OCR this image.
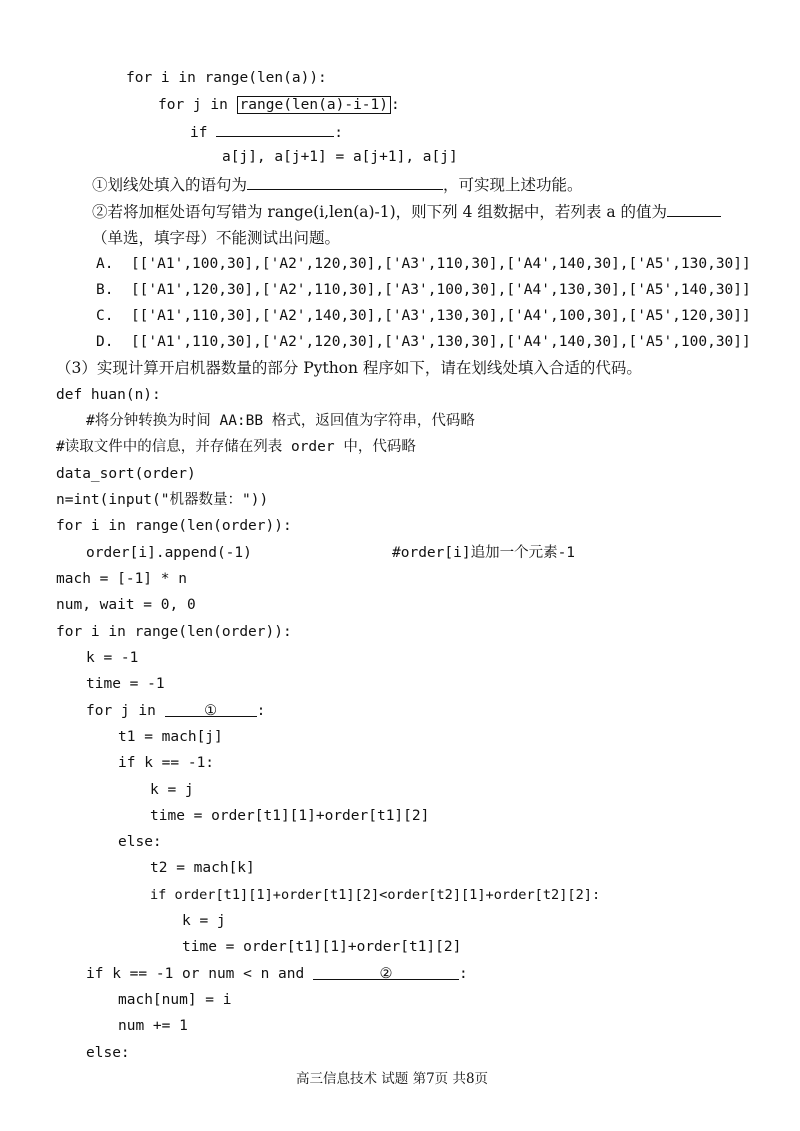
for i in range(len(a)):
for j in range(len(a)-i-1) :
if	:
a[j], a[j+1] = a[j+1], a[j]
①划线处填入的语句为	，可实现上述功能。
②若将加框处语句写错为 range(i,len(a)-1)，则下列 4 组数据中，若列表 a 的值为
（单选，填字母）不能测试出问题。
A. [['A1',100,30],['A2',120,30],['A3',110,30],['A4',140,30],['A5',130,30]]
B. [['A1',120,30],['A2',110,30],['A3',100,30],['A4',130,30],['A5',140,30]]
C. [['A1',110,30],['A2',140,30],['A3',130,30],['A4',100,30],['A5',120,30]]
D. [['A1',110,30],['A2',120,30],['A3',130,30],['A4',140,30],['A5',100,30]]
（3）实现计算开启机器数量的部分 Python 程序如下，请在划线处填入合适的代码。
def huan(n):
#将分钟转换为时间 AA:BB 格式，返回值为字符串，代码略
#读取文件中的信息，并存储在列表 order 中，代码略
data_sort(order)
n=int(input("机器数量："))
for i in range(len(order)):
order[i].append(-1)	#order[i]追加一个元素-1
mach = [-1] * n
num, wait = 0, 0
for i in range(len(order)):
k = -1
time = -1
for j in	①	:
t1 = mach[j]
if k == -1:
k = j
time = order[t1][1]+order[t1][2]
else:
t2 = mach[k]
if order[t1][1]+order[t1][2]<order[t2][1]+order[t2][2]:
k = j
time = order[t1][1]+order[t1][2]
if k == -1 or num < n and	②	:
mach[num] = i
num += 1
else:
高三信息技术 试题 第7页 共8页
